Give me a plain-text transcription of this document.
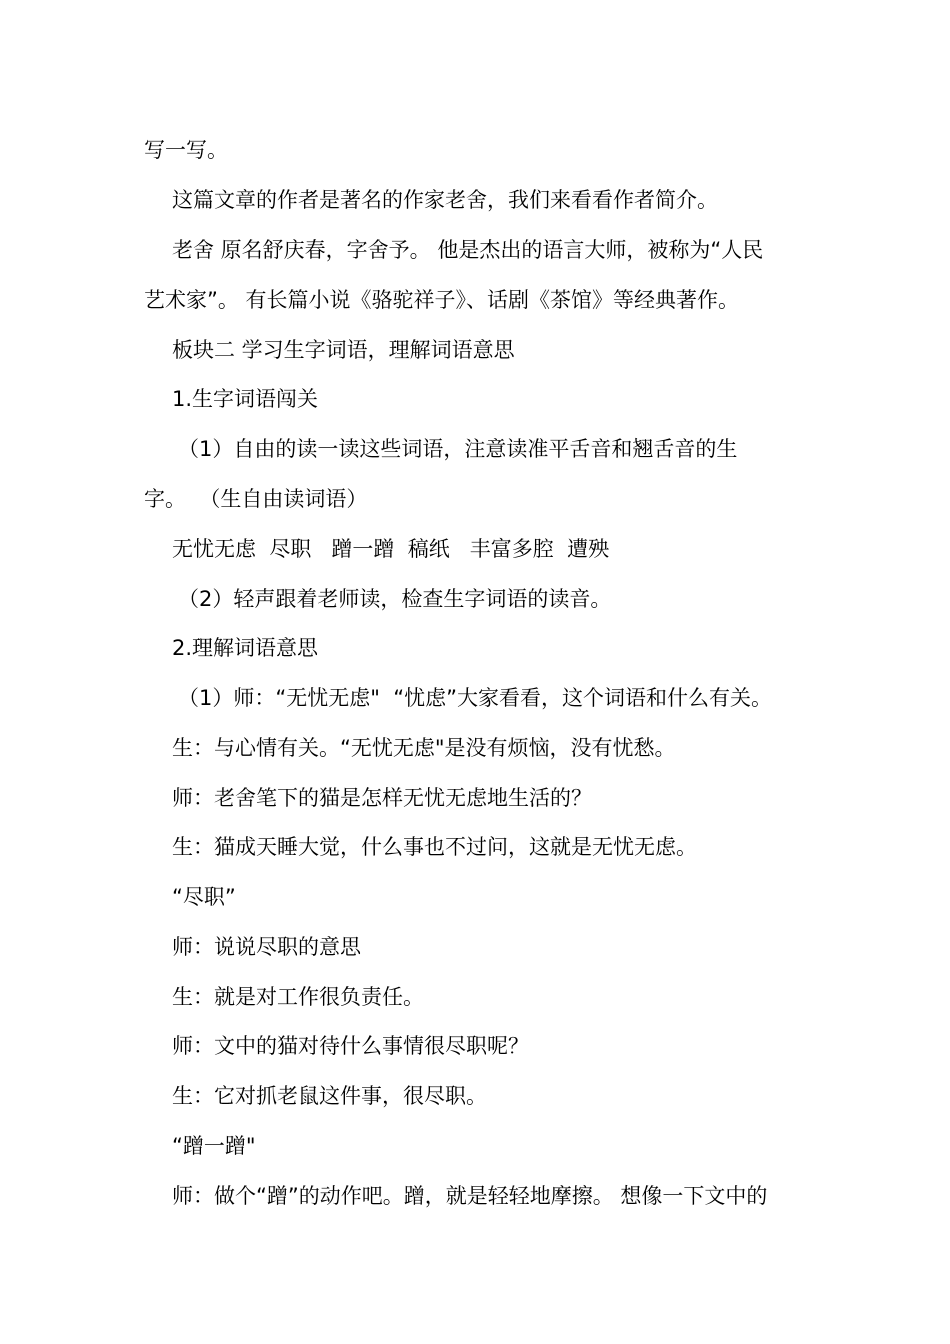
写一写。
这篇文章的作者是著名的作家老舍，我们来看看作者简介。
老舍 原名舒庆春，字舍予。 他是杰出的语言大师，被称为“人民
艺术家”。 有长篇小说《骆驼祥子》、话剧《茶馆》等经典著作。
板块二 学习生字词语，理解词语意思
1.生字词语闯关
（1）自由的读一读这些词语，注意读准平舌音和翘舌音的生
字。  （生自由读词语）
无忧无虑  尽职   蹭一蹭  稿纸   丰富多腔  遭殃
（2）轻声跟着老师读，检查生字词语的读音。
2.理解词语意思
（1）师：“无忧无虑"  “忧虑”大家看看，这个词语和什么有关。
生：与心情有关。“无忧无虑"是没有烦恼，没有忧愁。
师：老舍笔下的猫是怎样无忧无虑地生活的？
生：猫成天睡大觉，什么事也不过问，这就是无忧无虑。
“尽职”
师：说说尽职的意思
生：就是对工作很负责任。
师：文中的猫对待什么事情很尽职呢？
生：它对抓老鼠这件事，很尽职。
“蹭一蹭"
师：做个“蹭”的动作吧。蹭，就是轻轻地摩擦。 想像一下文中的
